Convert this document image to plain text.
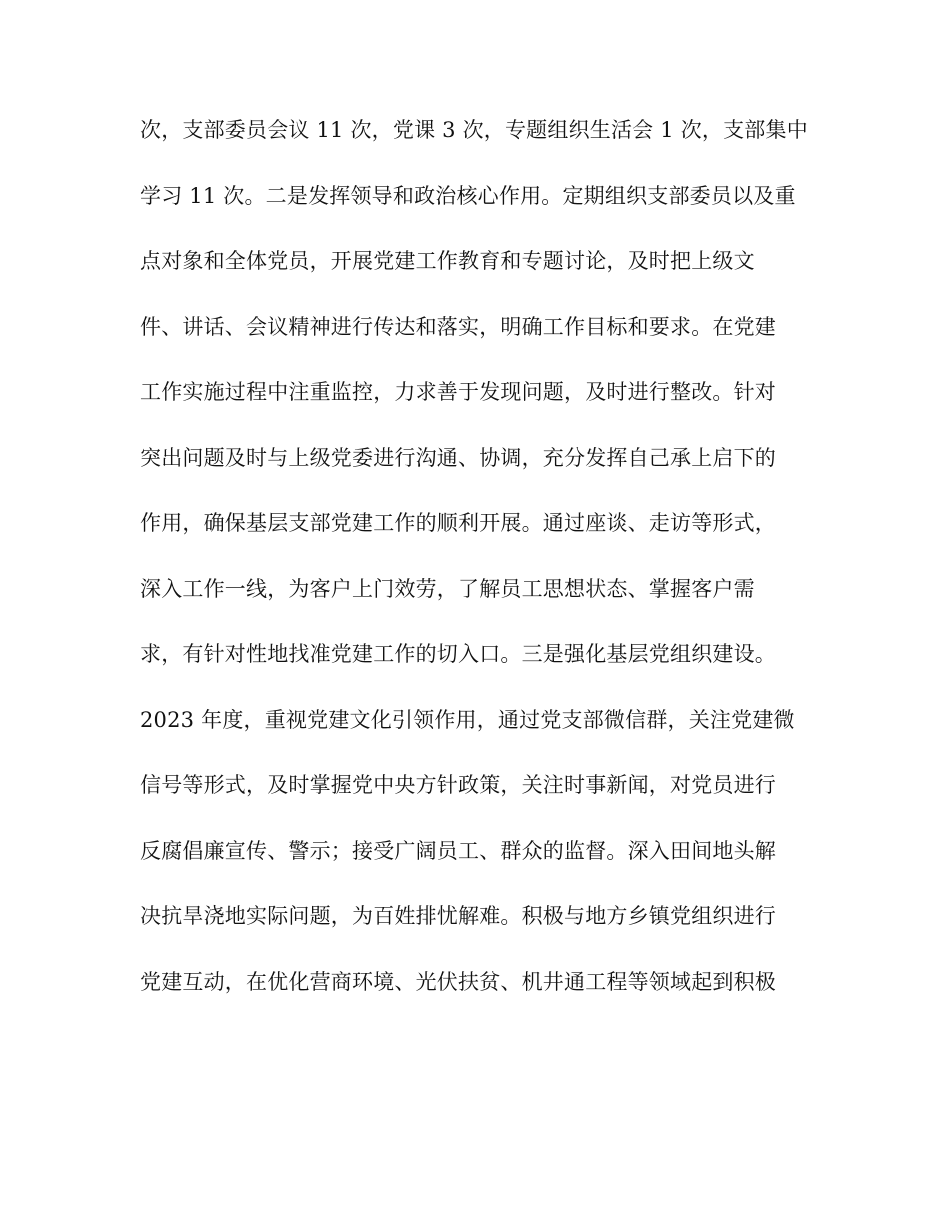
次，支部委员会议 11 次，党课 3 次，专题组织生活会 1 次，支部集中
学习 11 次。二是发挥领导和政治核心作用。定期组织支部委员以及重
点对象和全体党员，开展党建工作教育和专题讨论，及时把上级文
件、讲话、会议精神进行传达和落实，明确工作目标和要求。在党建
工作实施过程中注重监控，力求善于发现问题，及时进行整改。针对
突出问题及时与上级党委进行沟通、协调，充分发挥自己承上启下的
作用，确保基层支部党建工作的顺利开展。通过座谈、走访等形式，
深入工作一线，为客户上门效劳，了解员工思想状态、掌握客户需
求，有针对性地找准党建工作的切入口。三是强化基层党组织建设。
2023 年度，重视党建文化引领作用，通过党支部微信群，关注党建微
信号等形式，及时掌握党中央方针政策，关注时事新闻，对党员进行
反腐倡廉宣传、警示；接受广阔员工、群众的监督。深入田间地头解
决抗旱浇地实际问题，为百姓排忧解难。积极与地方乡镇党组织进行
党建互动，在优化营商环境、光伏扶贫、机井通工程等领域起到积极
